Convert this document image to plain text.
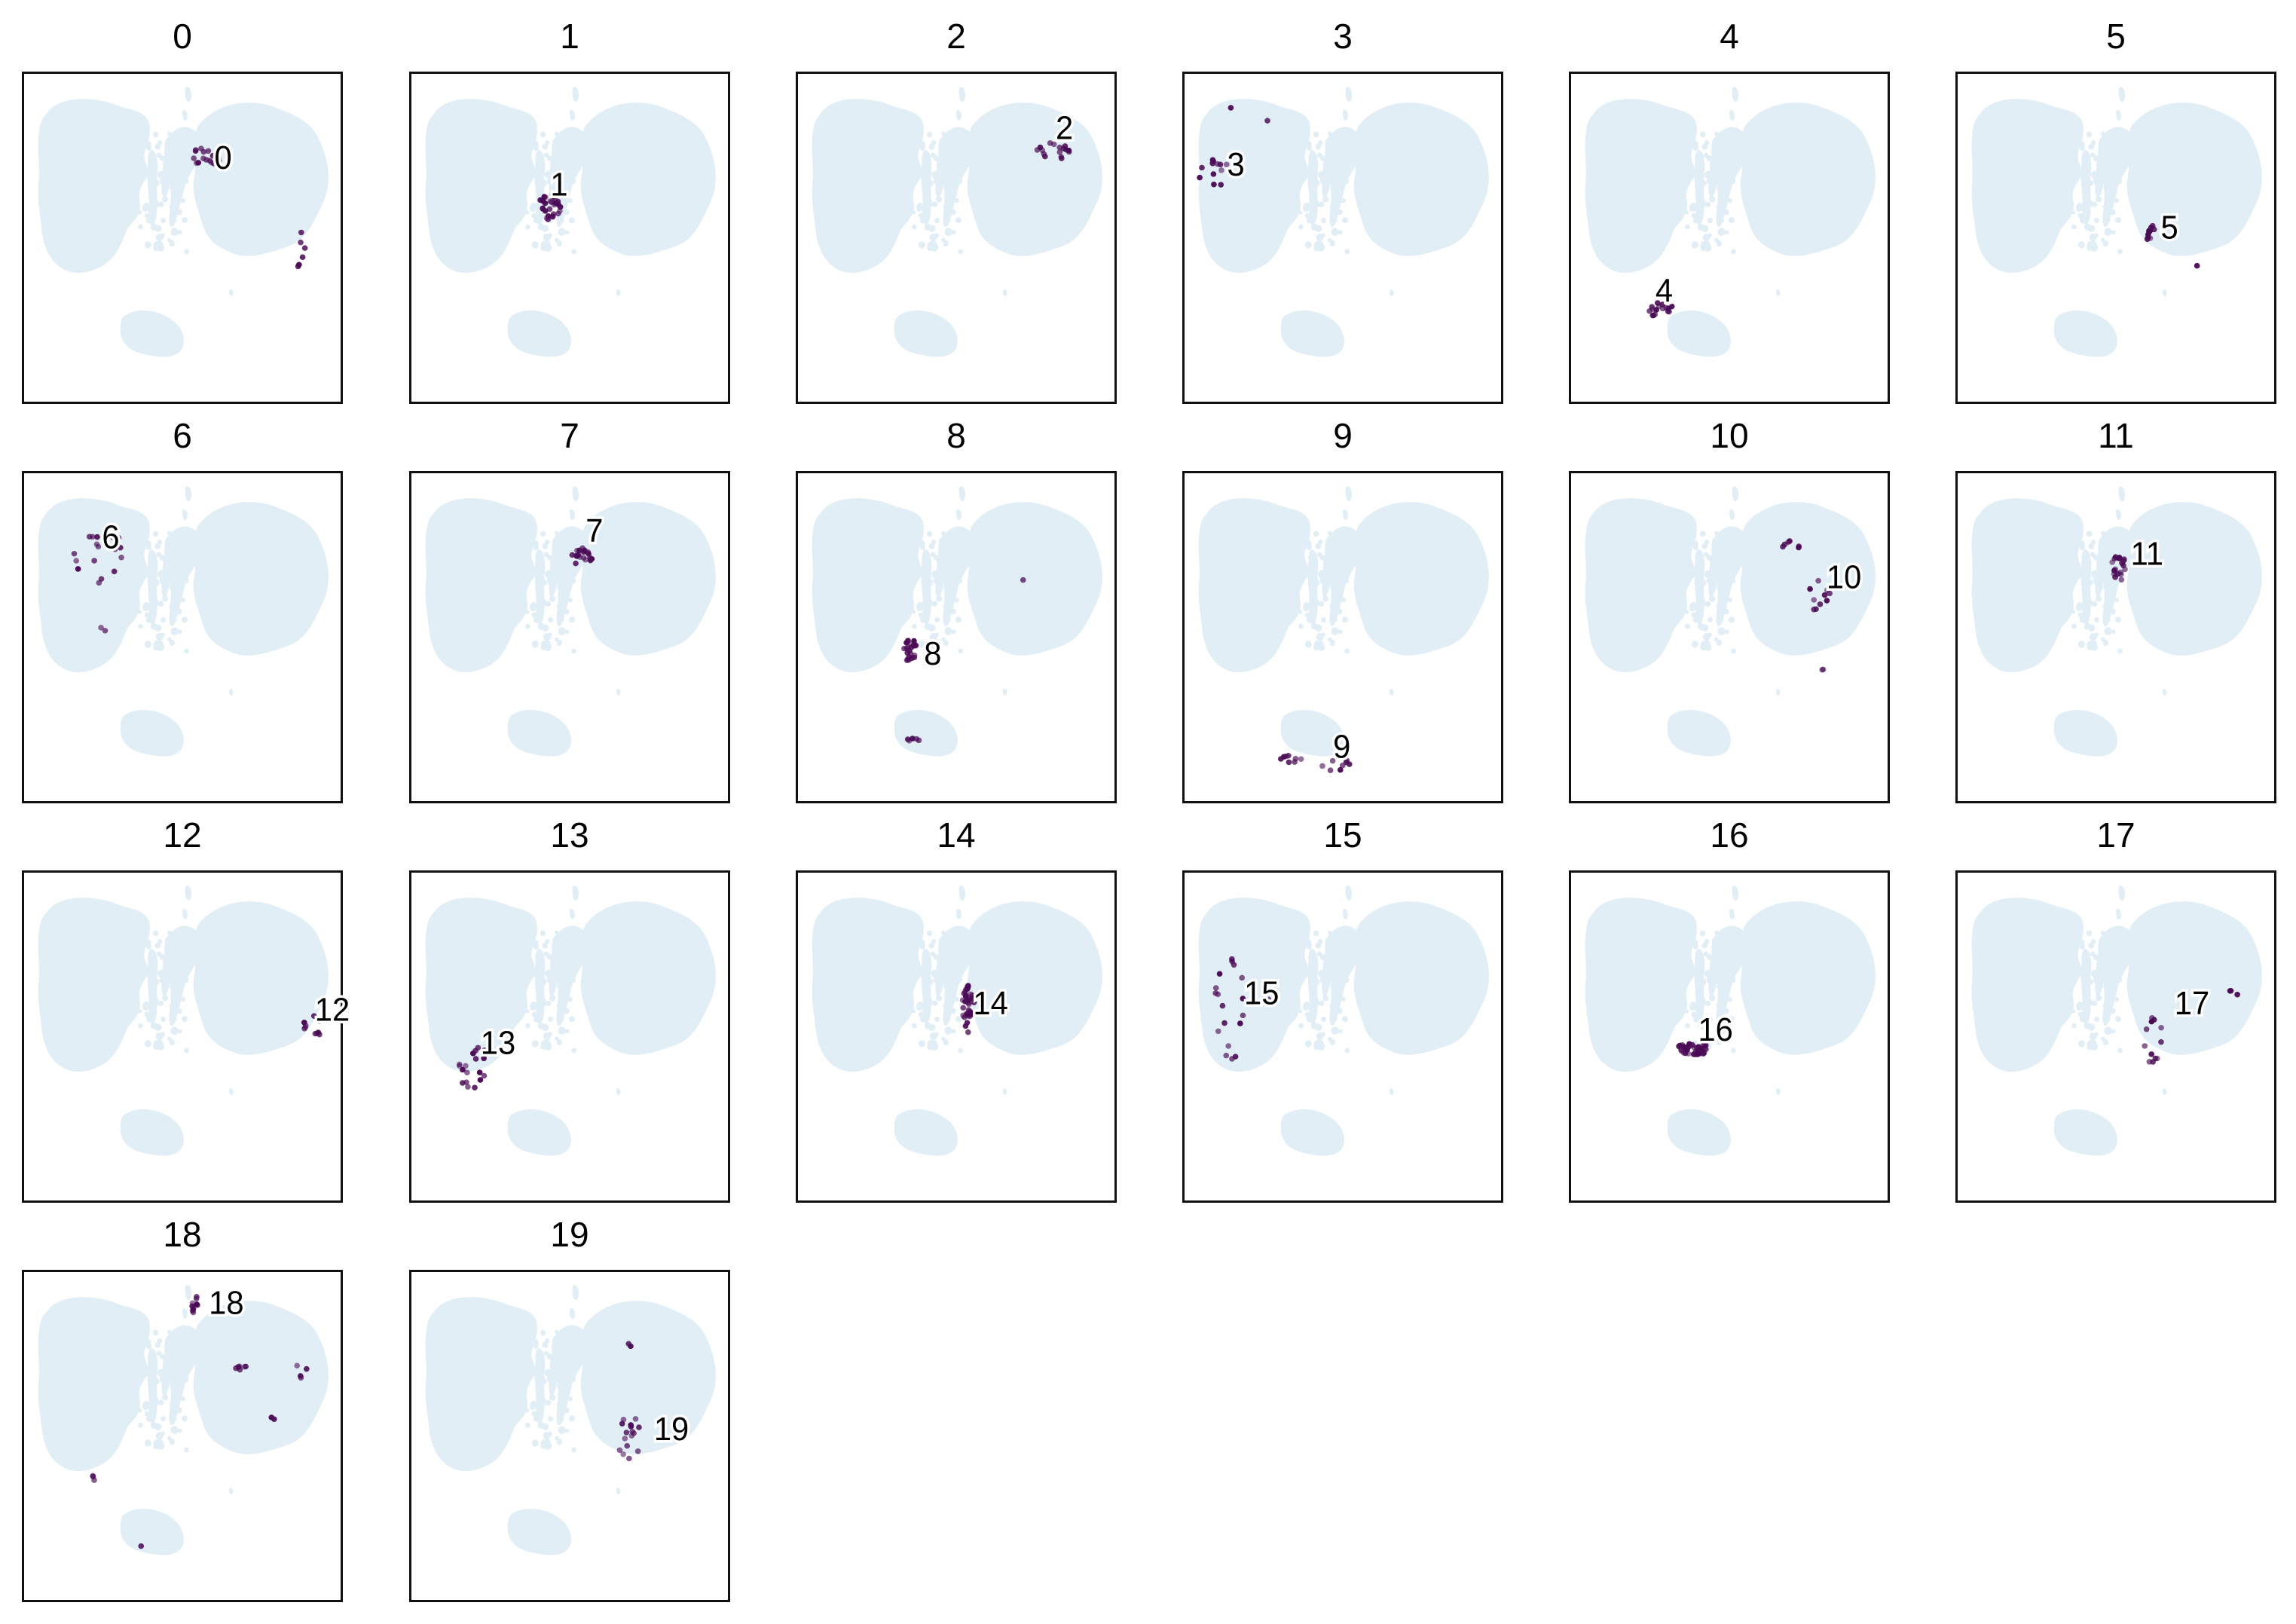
0
0
1
1
2
2
3
3
4
4
5
5
6
6
7
7
8
8
9
9
10
10
11
11
12
12
13
13
14
14
15
15
16
16
17
17
18
18
19
19
